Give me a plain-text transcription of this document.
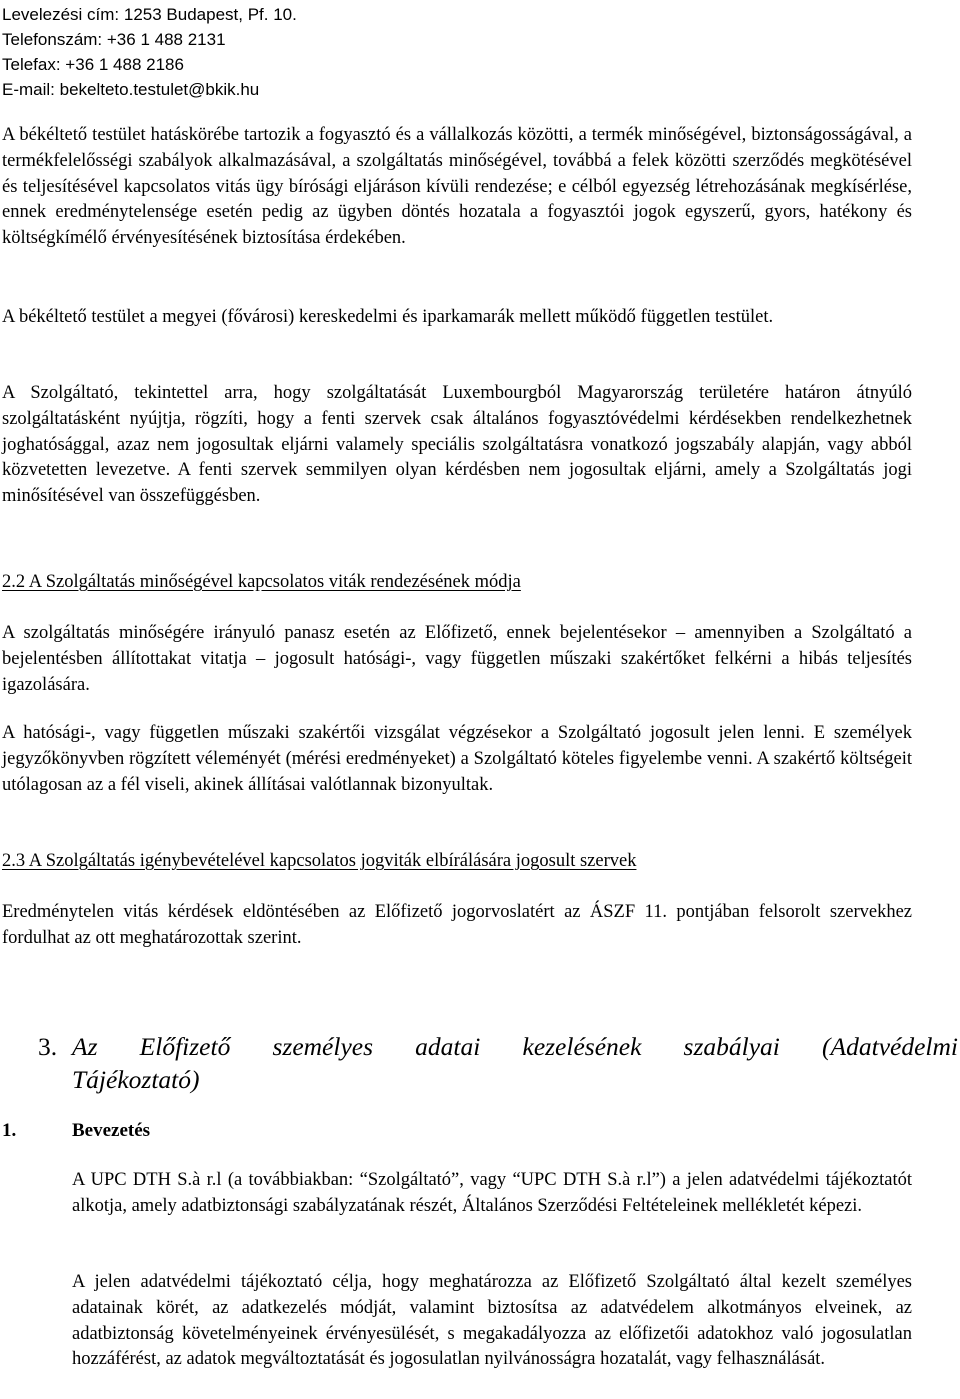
Levelezési cím: 1253 Budapest, Pf. 10.
Telefonszám: +36 1 488 2131
Telefax: +36 1 488 2186
E-mail: bekelteto.testulet@bkik.hu
A békéltető testület hatáskörébe tartozik a fogyasztó és a vállalkozás közötti, a termék minőségével, biztonságosságával, a termékfelelősségi szabályok alkalmazásával, a szolgáltatás minőségével, továbbá a felek közötti szerződés megkötésével és teljesítésével kapcsolatos vitás ügy bírósági eljáráson kívüli rendezése; e célból egyezség létrehozásának megkísérlése, ennek eredménytelensége esetén pedig az ügyben döntés hozatala a fogyasztói jogok egyszerű, gyors, hatékony és költségkímélő érvényesítésének biztosítása érdekében.
A békéltető testület a megyei (fővárosi) kereskedelmi és iparkamarák mellett működő független testület.
A Szolgáltató, tekintettel arra, hogy szolgáltatását Luxembourgból Magyarország területére határon átnyúló szolgáltatásként nyújtja, rögzíti, hogy a fenti szervek csak általános fogyasztóvédelmi kérdésekben rendelkezhetnek joghatósággal, azaz nem jogosultak eljárni valamely speciális szolgáltatásra vonatkozó jogszabály alapján, vagy abból közvetetten levezetve. A fenti szervek semmilyen olyan kérdésben nem jogosultak eljárni, amely a Szolgáltatás jogi minősítésével van összefüggésben.
2.2 A Szolgáltatás minőségével kapcsolatos viták rendezésének módja
A szolgáltatás minőségére irányuló panasz esetén az Előfizető, ennek bejelentésekor – amennyiben a Szolgáltató a bejelentésben állítottakat vitatja – jogosult hatósági-, vagy független műszaki szakértőket felkérni a hibás teljesítés igazolására.
A hatósági-, vagy független műszaki szakértői vizsgálat végzésekor a Szolgáltató jogosult jelen lenni. E személyek jegyzőkönyvben rögzített véleményét (mérési eredményeket) a Szolgáltató köteles figyelembe venni. A szakértő költségeit utólagosan az a fél viseli, akinek állításai valótlannak bizonyultak.
2.3 A Szolgáltatás igénybevételével kapcsolatos jogviták elbírálására jogosult szervek
Eredménytelen vitás kérdések eldöntésében az Előfizető jogorvoslatért az ÁSZF 11. pontjában felsorolt szervekhez fordulhat az ott meghatározottak szerint.
3. Az Előfizető személyes adatai kezelésének szabályai (Adatvédelmi
Tájékoztató)
1.	Bevezetés
A UPC DTH S.à r.l (a továbbiakban: “Szolgáltató”, vagy “UPC DTH S.à r.l”) a jelen adatvédelmi tájékoztatót alkotja, amely adatbiztonsági szabályzatának részét, Általános Szerződési Feltételeinek mellékletét képezi.
A jelen adatvédelmi tájékoztató célja, hogy meghatározza az Előfizető Szolgáltató által kezelt személyes adatainak körét, az adatkezelés módját, valamint biztosítsa az adatvédelem alkotmányos elveinek, az adatbiztonság követelményeinek érvényesülését, s megakadályozza az előfizetői adatokhoz való jogosulatlan hozzáférést, az adatok megváltoztatását és jogosulatlan nyilvánosságra hozatalát, vagy felhasználását.
